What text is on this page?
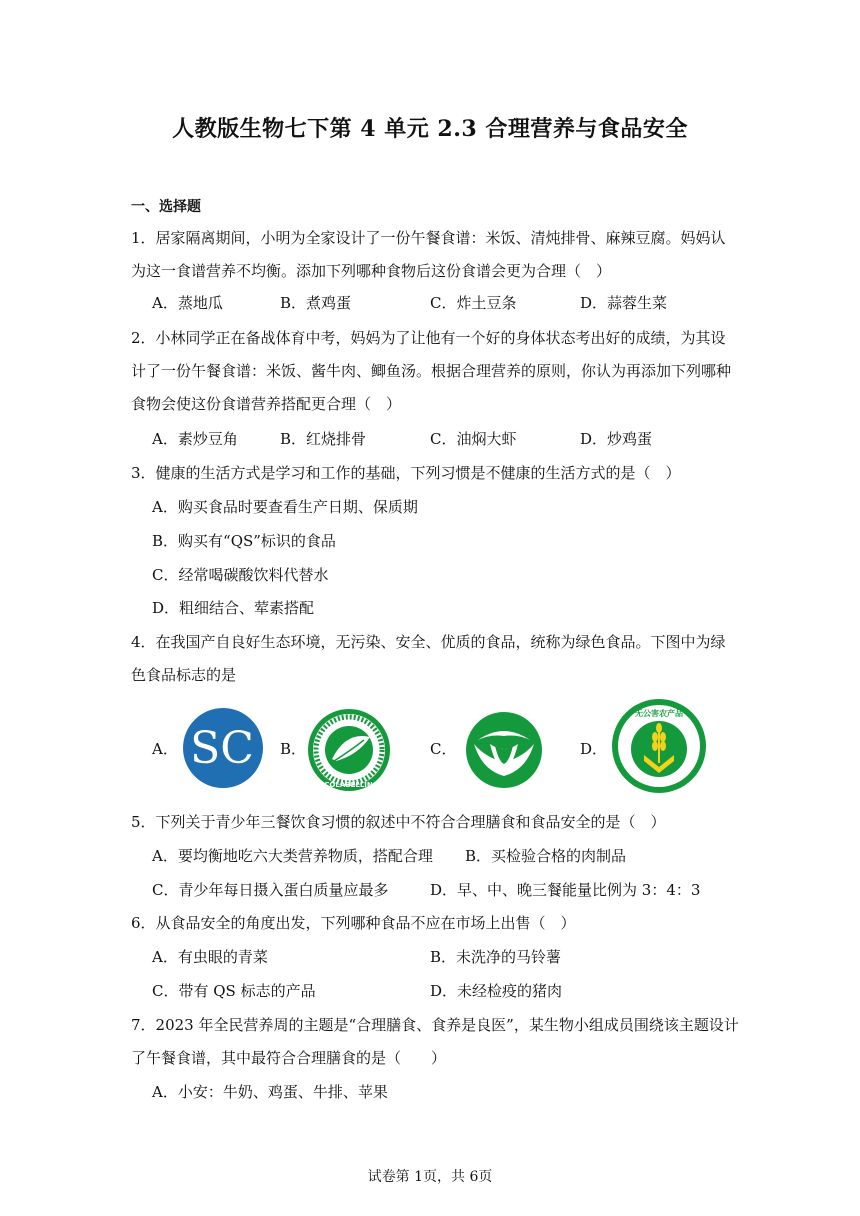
人教版生物七下第 4 单元 2.3 合理营养与食品安全
一、选择题
1．居家隔离期间，小明为全家设计了一份午餐食谱：米饭、清炖排骨、麻辣豆腐。妈妈认
为这一食谱营养不均衡。添加下列哪种食物后这份食谱会更为合理（　）
A．蒸地瓜	B．煮鸡蛋	C．炸土豆条	D．蒜蓉生菜
2．小林同学正在备战体育中考，妈妈为了让他有一个好的身体状态考出好的成绩，为其设
计了一份午餐食谱：米饭、酱牛肉、鲫鱼汤。根据合理营养的原则，你认为再添加下列哪种
食物会使这份食谱营养搭配更合理（　）
A．素炒豆角	B．红烧排骨	C．油焖大虾	D．炒鸡蛋
3．健康的生活方式是学习和工作的基础，下列习惯是不健康的生活方式的是（　）
A．购买食品时要查看生产日期、保质期
B．购买有“QS”标识的食品
C．经常喝碳酸饮料代替水
D．粗细结合、荤素搭配
4．在我国产自良好生态环境，无污染、安全、优质的食品，统称为绿色食品。下图中为绿
色食品标志的是
A． SC B．
ECOLABELLING
C．	D．
无公害农产品
5．下列关于青少年三餐饮食习惯的叙述中不符合合理膳食和食品安全的是（　）
A．要均衡地吃六大类营养物质，搭配合理 B．买检验合格的肉制品
C．青少年每日摄入蛋白质量应最多	D．早、中、晚三餐能量比例为 3：4：3
6．从食品安全的角度出发，下列哪种食品不应在市场上出售（　）
A．有虫眼的青菜	B．未洗净的马铃薯
C．带有 QS 标志的产品	D．未经检疫的猪肉
7．2023 年全民营养周的主题是“合理膳食、食养是良医”，某生物小组成员围绕该主题设计
了午餐食谱，其中最符合合理膳食的是（　　）
A．小安：牛奶、鸡蛋、牛排、苹果
试卷第 1页，共 6页
